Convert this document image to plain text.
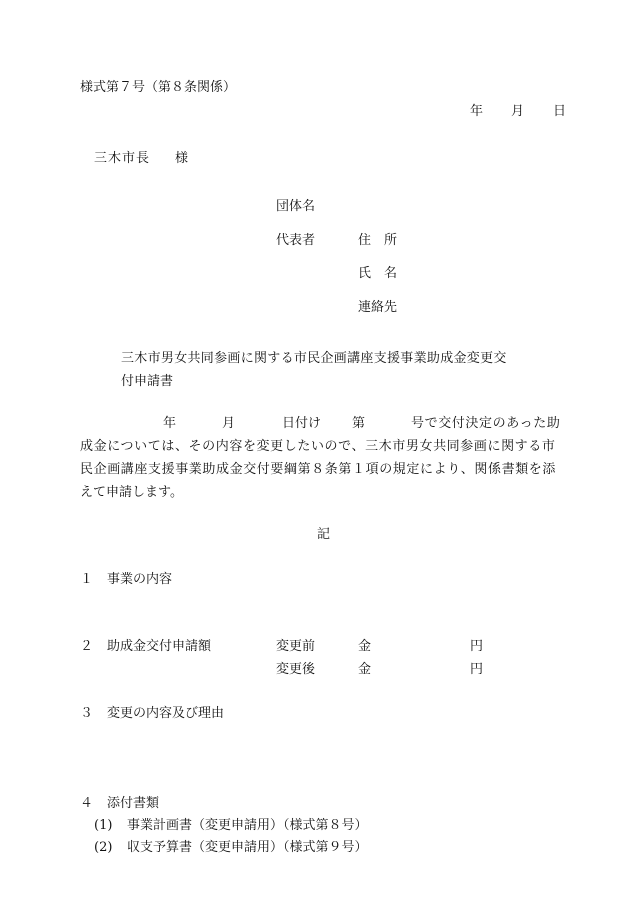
様式第７号（第８条関係）
年 月 日
三木市長 様
団体名
代表者	住　所
氏　名
連絡先
三木市男女共同参画に関する市民企画講座支援事業助成金変更交
付申請書
年	月	日付け 第	号で交付決定のあった助
成金については、その内容を変更したいので、三木市男女共同参画に関する市
民企画講座支援事業助成金交付要綱第８条第１項の規定により、関係書類を添
えて申請します。
記
１ 事業の内容
２ 助成金交付申請額	変更前	金	円
変更後	金	円
３ 変更の内容及び理由
４ 添付書類
(1) 事業計画書（変更申請用）（様式第８号）
(2) 収支予算書（変更申請用）（様式第９号）
